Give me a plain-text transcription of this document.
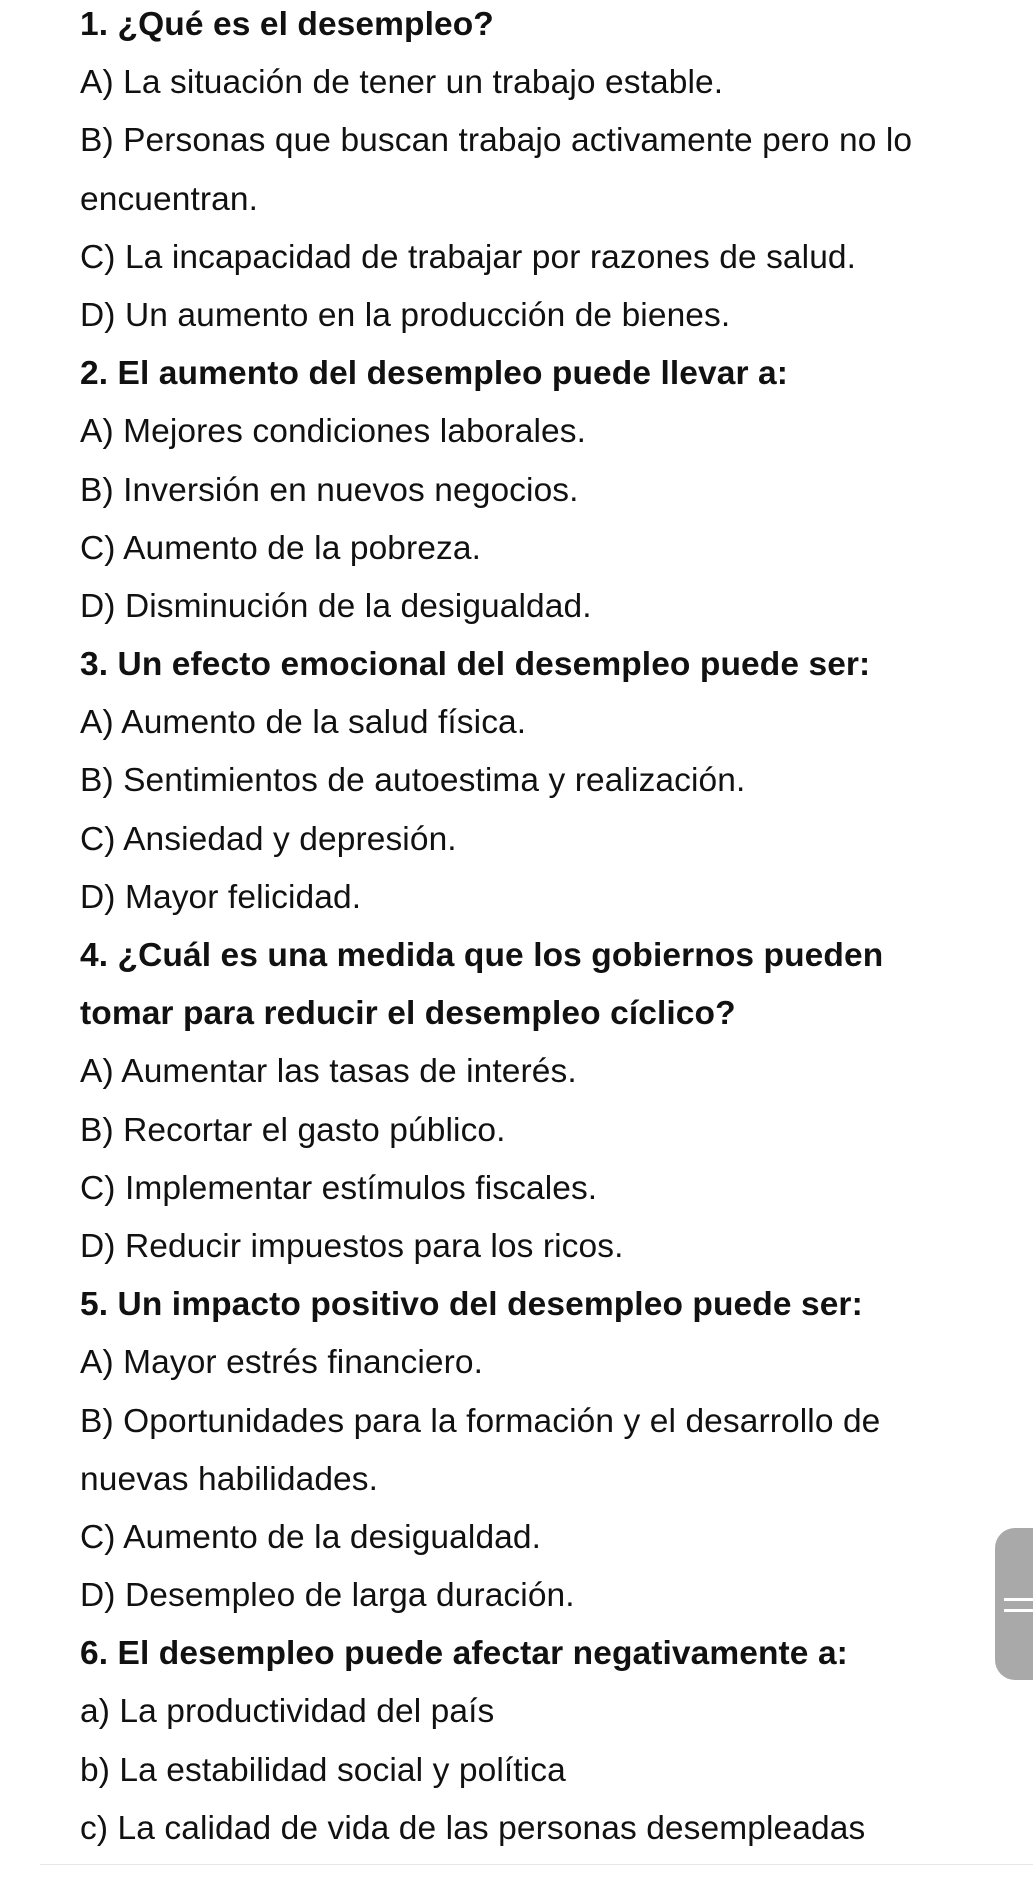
1. ¿Qué es el desempleo?
A) La situación de tener un trabajo estable.
B) Personas que buscan trabajo activamente pero no lo
encuentran.
C) La incapacidad de trabajar por razones de salud.
D) Un aumento en la producción de bienes.
2. El aumento del desempleo puede llevar a:
A) Mejores condiciones laborales.
B) Inversión en nuevos negocios.
C) Aumento de la pobreza.
D) Disminución de la desigualdad.
3. Un efecto emocional del desempleo puede ser:
A) Aumento de la salud física.
B) Sentimientos de autoestima y realización.
C) Ansiedad y depresión.
D) Mayor felicidad.
4. ¿Cuál es una medida que los gobiernos pueden
tomar para reducir el desempleo cíclico?
A) Aumentar las tasas de interés.
B) Recortar el gasto público.
C) Implementar estímulos fiscales.
D) Reducir impuestos para los ricos.
5. Un impacto positivo del desempleo puede ser:
A) Mayor estrés financiero.
B) Oportunidades para la formación y el desarrollo de
nuevas habilidades.
C) Aumento de la desigualdad.
D) Desempleo de larga duración.
6. El desempleo puede afectar negativamente a:
a) La productividad del país
b) La estabilidad social y política
c) La calidad de vida de las personas desempleadas
